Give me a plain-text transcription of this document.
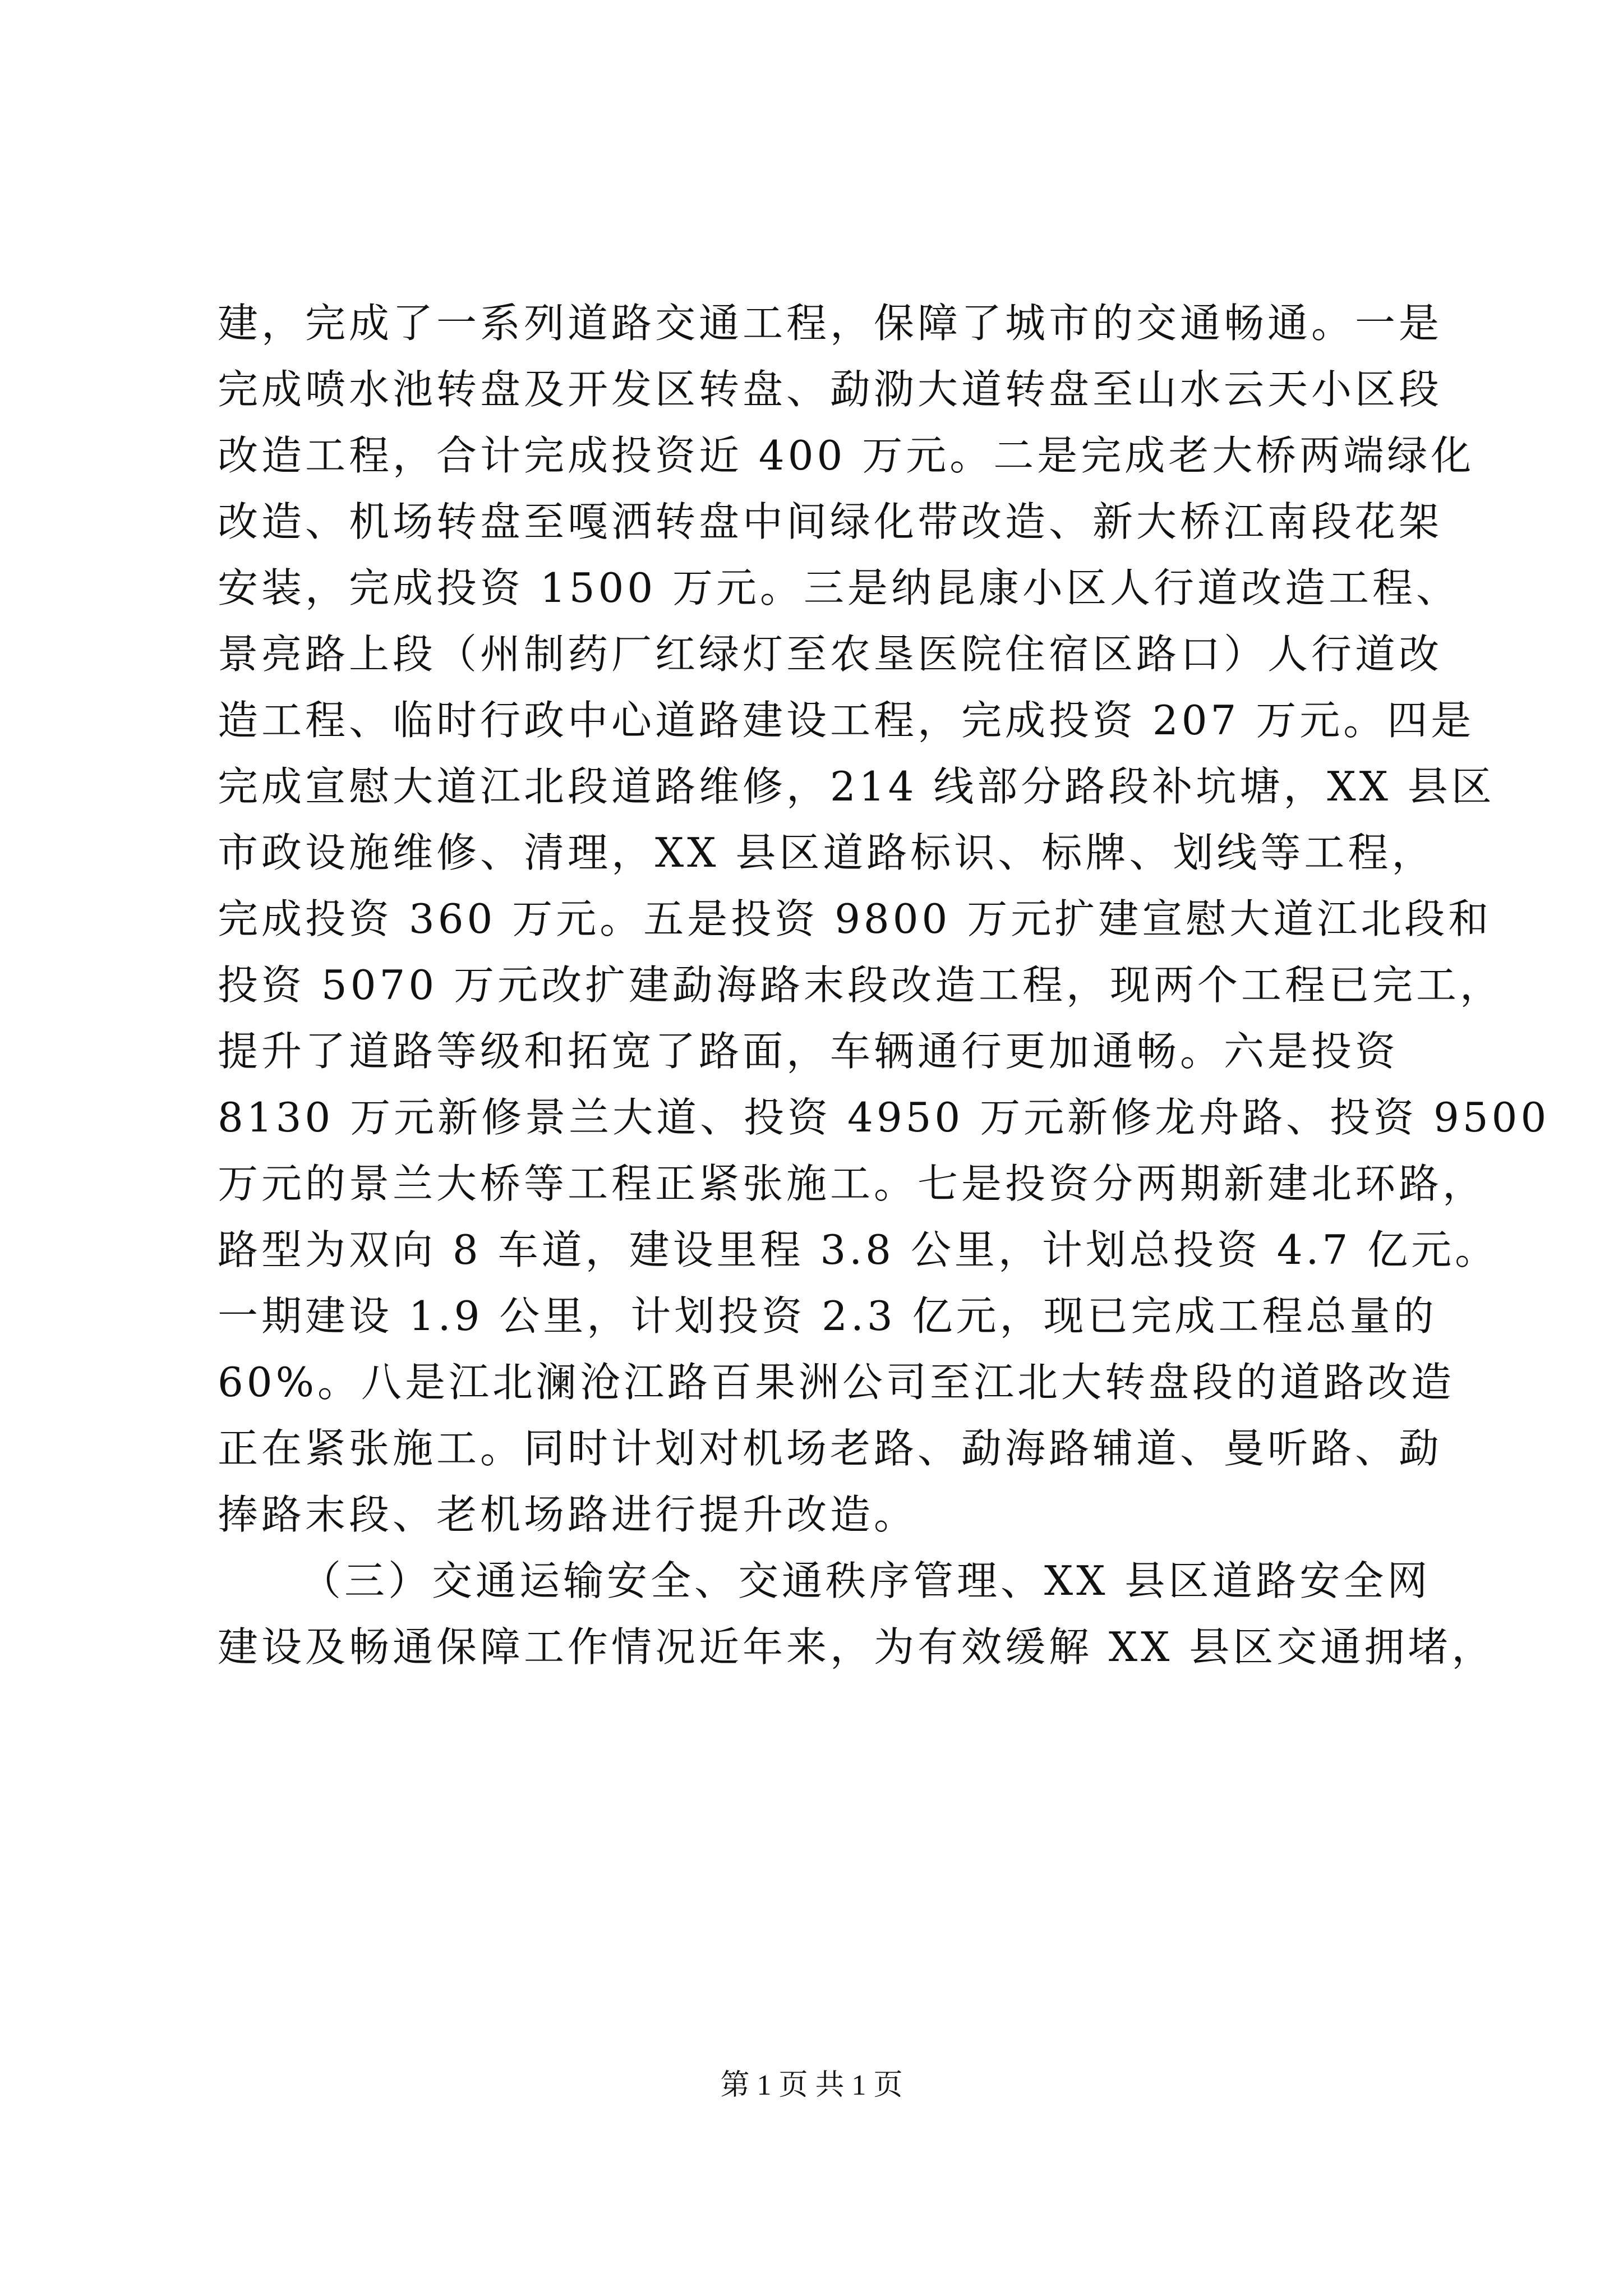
建，完成了一系列道路交通工程，保障了城市的交通畅通。一是
完成喷水池转盘及开发区转盘、勐泐大道转盘至山水云天小区段
改造工程，合计完成投资近 400 万元。二是完成老大桥两端绿化
改造、机场转盘至嘎洒转盘中间绿化带改造、新大桥江南段花架
安装，完成投资 1500 万元。三是纳昆康小区人行道改造工程、
景亮路上段（州制药厂红绿灯至农垦医院住宿区路口）人行道改
造工程、临时行政中心道路建设工程，完成投资 207 万元。四是
完成宣慰大道江北段道路维修，214 线部分路段补坑塘，XX 县区
市政设施维修、清理，XX 县区道路标识、标牌、划线等工程，
完成投资 360 万元。五是投资 9800 万元扩建宣慰大道江北段和
投资 5070 万元改扩建勐海路末段改造工程，现两个工程已完工，
提升了道路等级和拓宽了路面，车辆通行更加通畅。六是投资
8130 万元新修景兰大道、投资 4950 万元新修龙舟路、投资 9500
万元的景兰大桥等工程正紧张施工。七是投资分两期新建北环路，
路型为双向 8 车道，建设里程 3.8 公里，计划总投资 4.7 亿元。
一期建设 1.9 公里，计划投资 2.3 亿元，现已完成工程总量的
60%。八是江北澜沧江路百果洲公司至江北大转盘段的道路改造
正在紧张施工。同时计划对机场老路、勐海路辅道、曼听路、勐
捧路末段、老机场路进行提升改造。
（三）交通运输安全、交通秩序管理、XX 县区道路安全网
建设及畅通保障工作情况近年来，为有效缓解 XX 县区交通拥堵，
第 1 页 共 1 页
